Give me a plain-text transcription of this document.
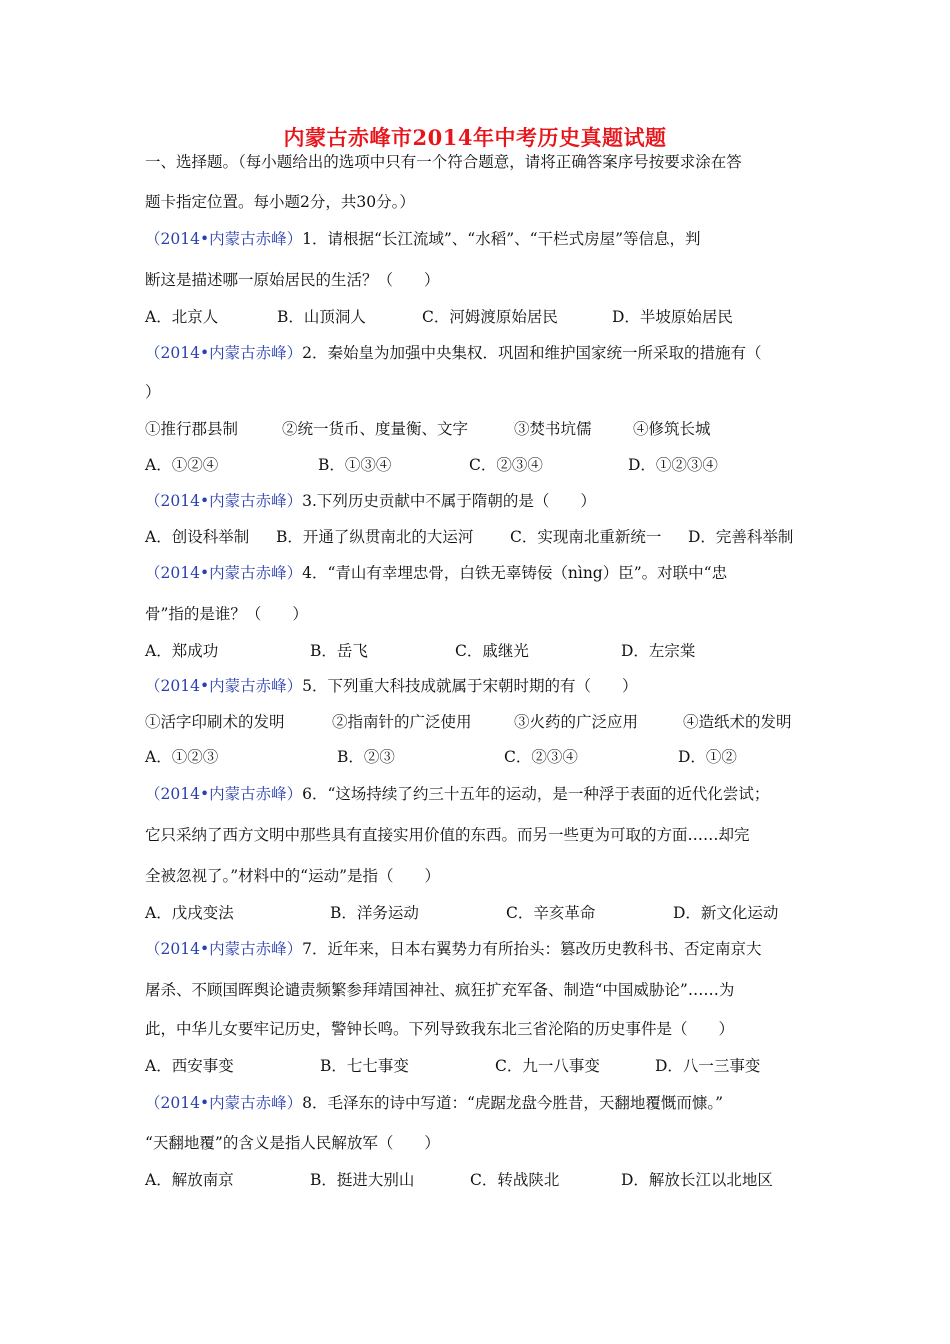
内蒙古赤峰市2014年中考历史真题试题
一、选择题。（每小题给出的选项中只有一个符合题意，请将正确答案序号按要求涂在答
题卡指定位置。每小题2分，共30分。）
（2014•内蒙古赤峰）1．请根据“长江流域”、“水稻”、“干栏式房屋”等信息，判
断这是描述哪一原始居民的生活？（　　）
A．北京人	B．山顶洞人	C．河姆渡原始居民	D．半坡原始居民
（2014•内蒙古赤峰）2．秦始皇为加强中央集权．巩固和维护国家统一所采取的措施有（
）
①推行郡县制	②统一货币、度量衡、文字	③焚书坑儒	④修筑长城
A．①②④	B．①③④	C．②③④	D．①②③④
（2014•内蒙古赤峰）3.下列历史贡献中不属于隋朝的是（　　）
A．创设科举制 B．开通了纵贯南北的大运河 C．实现南北重新统一 D．完善科举制
（2014•内蒙古赤峰）4．“青山有幸埋忠骨，白铁无辜铸佞（nìng）臣”。对联中“忠
骨”指的是谁？（　　）
A．郑成功	B．岳飞	C．戚继光	D．左宗棠
（2014•内蒙古赤峰）5．下列重大科技成就属于宋朝时期的有（　　）
①活字印刷术的发明	②指南针的广泛使用	③火药的广泛应用	④造纸术的发明
A．①②③	B．②③	C．②③④	D．①②
（2014•内蒙古赤峰）6．“这场持续了约三十五年的运动，是一种浮于表面的近代化尝试；
它只采纳了西方文明中那些具有直接实用价值的东西。而另一些更为可取的方面……却完
全被忽视了。”材料中的“运动”是指（　　）
A．戊戌变法	B．洋务运动	C．辛亥革命	D．新文化运动
（2014•内蒙古赤峰）7．近年来，日本右翼势力有所抬头：篡改历史教科书、否定南京大
屠杀、不顾国晖舆论谴责频繁参拜靖国神社、疯狂扩充军备、制造“中国威胁论”……为
此，中华儿女要牢记历史，警钟长鸣。下列导致我东北三省沦陷的历史事件是（　　）
A．西安事变	B．七七事变	C．九一八事变	D．八一三事变
（2014•内蒙古赤峰）8．毛泽东的诗中写道：“虎踞龙盘今胜昔，天翻地覆慨而慷。”
“天翻地覆”的含义是指人民解放军（　　）
A．解放南京	B．挺进大别山	C．转战陕北	D．解放长江以北地区
